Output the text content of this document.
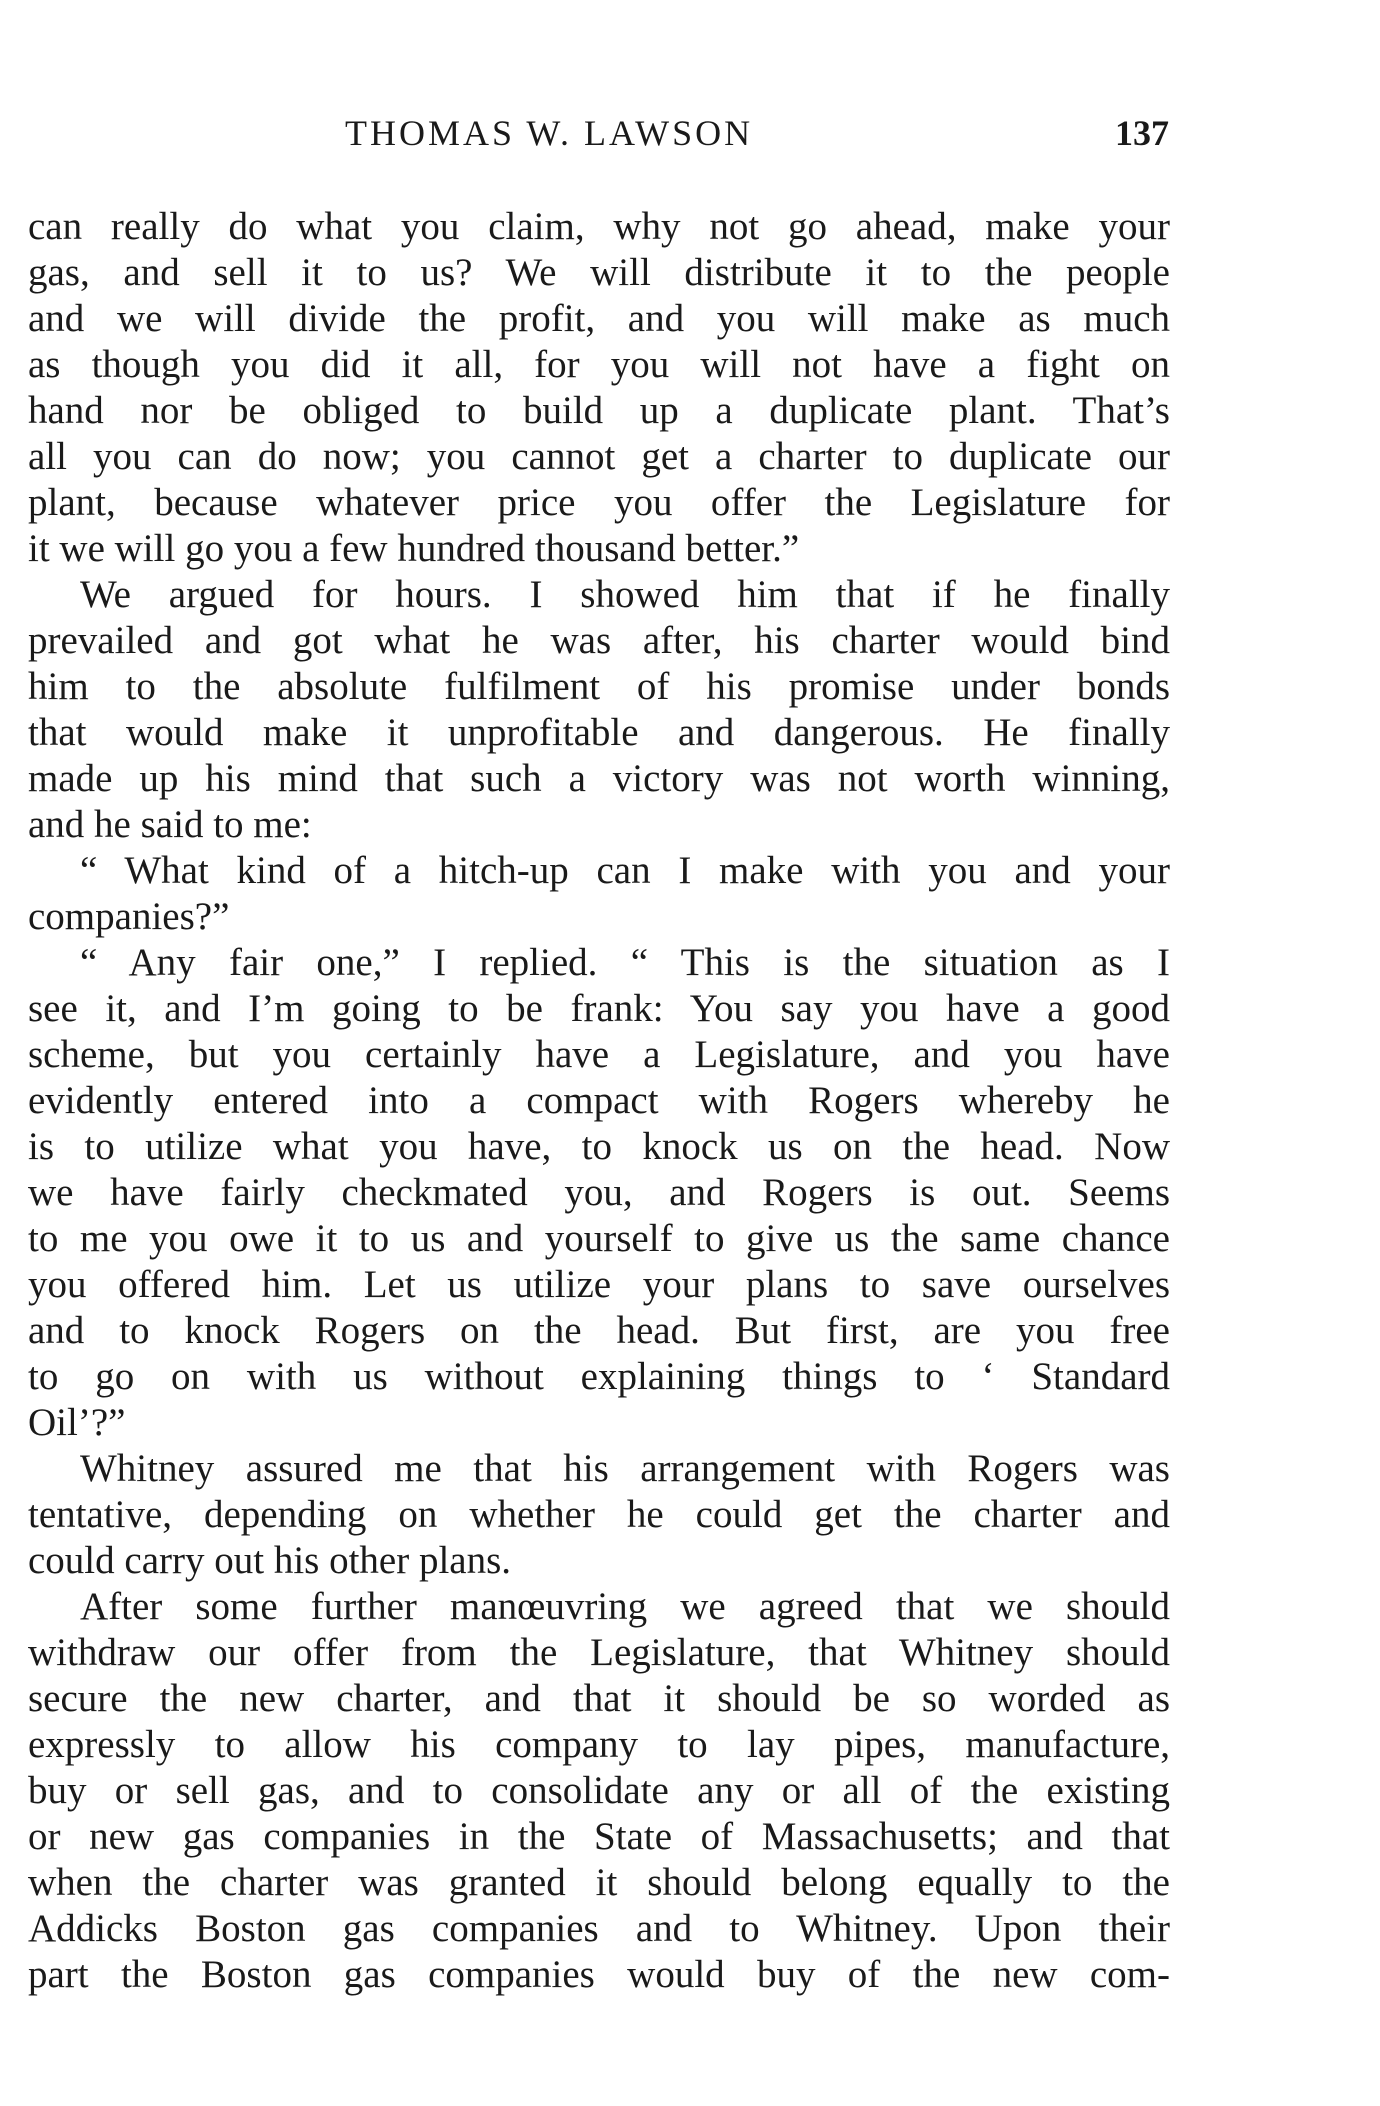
THOMAS W. LAWSON	137
can really do what you claim, why not go ahead, make your
gas, and sell it to us? We will distribute it to the people
and we will divide the profit, and you will make as much
as though you did it all, for you will not have a fight on
hand nor be obliged to build up a duplicate plant. That’s
all you can do now; you cannot get a charter to duplicate our
plant, because whatever price you offer the Legislature for
it we will go you a few hundred thousand better.”
We argued for hours. I showed him that if he finally
prevailed and got what he was after, his charter would bind
him to the absolute fulfilment of his promise under bonds
that would make it unprofitable and dangerous. He finally
made up his mind that such a victory was not worth winning,
and he said to me:
“ What kind of a hitch-up can I make with you and your
companies?”
“ Any fair one,” I replied. “ This is the situation as I
see it, and I’m going to be frank: You say you have a good
scheme, but you certainly have a Legislature, and you have
evidently entered into a compact with Rogers whereby he
is to utilize what you have, to knock us on the head. Now
we have fairly checkmated you, and Rogers is out. Seems
to me you owe it to us and yourself to give us the same chance
you offered him. Let us utilize your plans to save ourselves
and to knock Rogers on the head. But first, are you free
to go on with us without explaining things to ‘ Standard
Oil’?”
Whitney assured me that his arrangement with Rogers was
tentative, depending on whether he could get the charter and
could carry out his other plans.
After some further manœuvring we agreed that we should
withdraw our offer from the Legislature, that Whitney should
secure the new charter, and that it should be so worded as
expressly to allow his company to lay pipes, manufacture,
buy or sell gas, and to consolidate any or all of the existing
or new gas companies in the State of Massachusetts; and that
when the charter was granted it should belong equally to the
Addicks Boston gas companies and to Whitney. Upon their
part the Boston gas companies would buy of the new com-
